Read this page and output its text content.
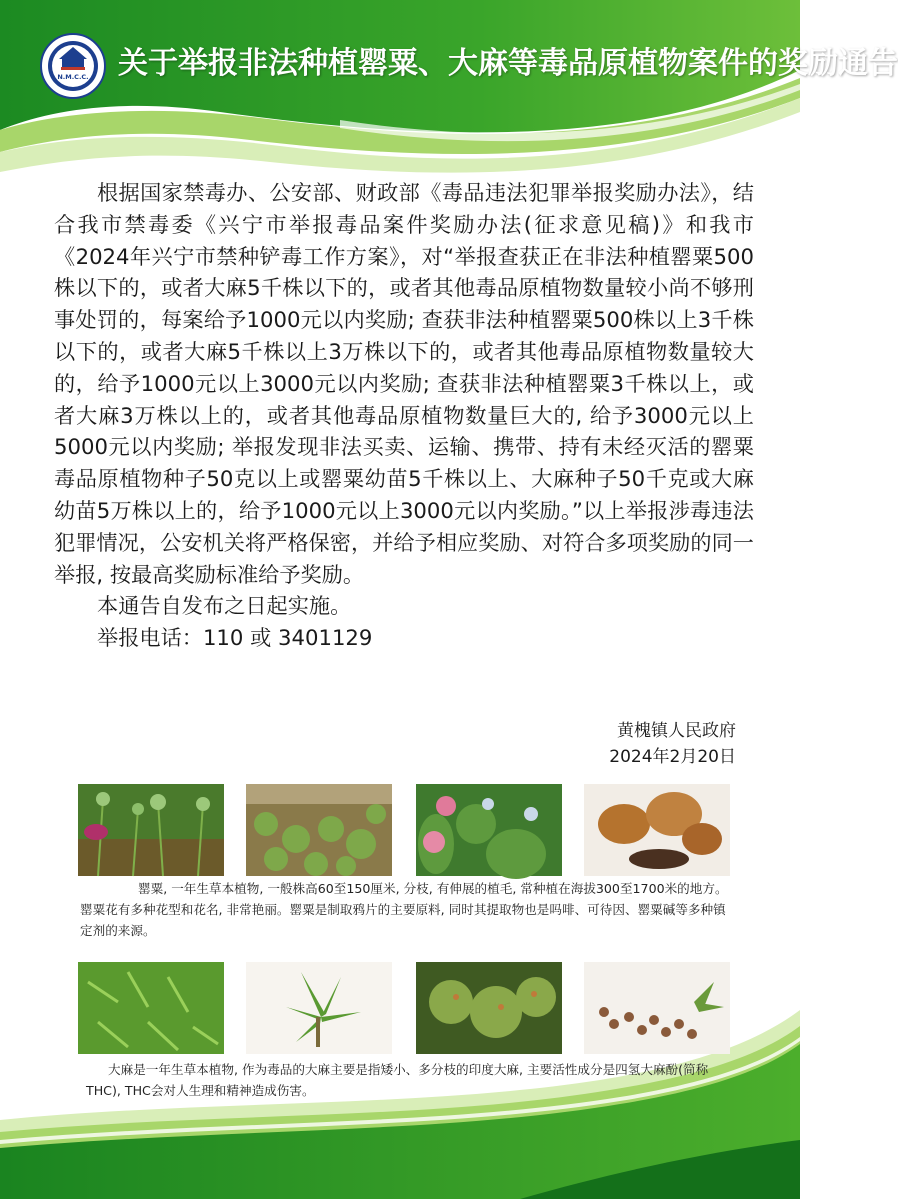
N.M.C.C. 关于举报非法种植罂粟、大麻等毒品原植物案件的奖励通告

根据国家禁毒办、公安部、财政部《毒品违法犯罪举报奖励办法》，结合我市禁毒委《兴宁市举报毒品案件奖励办法(征求意见稿)》和我市《2024年兴宁市禁种铲毒工作方案》，对“举报查获正在非法种植罂粟500株以下的，或者大麻5千株以下的，或者其他毒品原植物数量较小尚不够刑事处罚的，每案给予1000元以内奖励; 查获非法种植罂粟500株以上3千株以下的，或者大麻5千株以上3万株以下的，或者其他毒品原植物数量较大的，给予1000元以上3000元以内奖励; 查获非法种植罂粟3千株以上，或者大麻3万株以上的，或者其他毒品原植物数量巨大的, 给予3000元以上5000元以内奖励; 举报发现非法买卖、运输、携带、持有未经灭活的罂粟毒品原植物种子50克以上或罂粟幼苗5千株以上、大麻种子50千克或大麻幼苗5万株以上的，给予1000元以上3000元以内奖励。”以上举报涉毒违法犯罪情况，公安机关将严格保密，并给予相应奖励、对符合多项奖励的同一举报, 按最高奖励标准给予奖励。

本通告自发布之日起实施。

举报电话：110 或 3401129

黄槐镇人民政府
2024年2月20日
罂粟, 一年生草本植物, 一般株高60至150厘米, 分枝, 有伸展的植毛, 常种植在海拔300至1700米的地方。罂粟花有多种花型和花名, 非常艳丽。罂粟是制取鸦片的主要原料, 同时其提取物也是吗啡、可待因、罂粟碱等多种镇定剂的来源。
大麻是一年生草本植物, 作为毒品的大麻主要是指矮小、多分枝的印度大麻, 主要活性成分是四氢大麻酚(简称THC), THC会对人生理和精神造成伤害。
